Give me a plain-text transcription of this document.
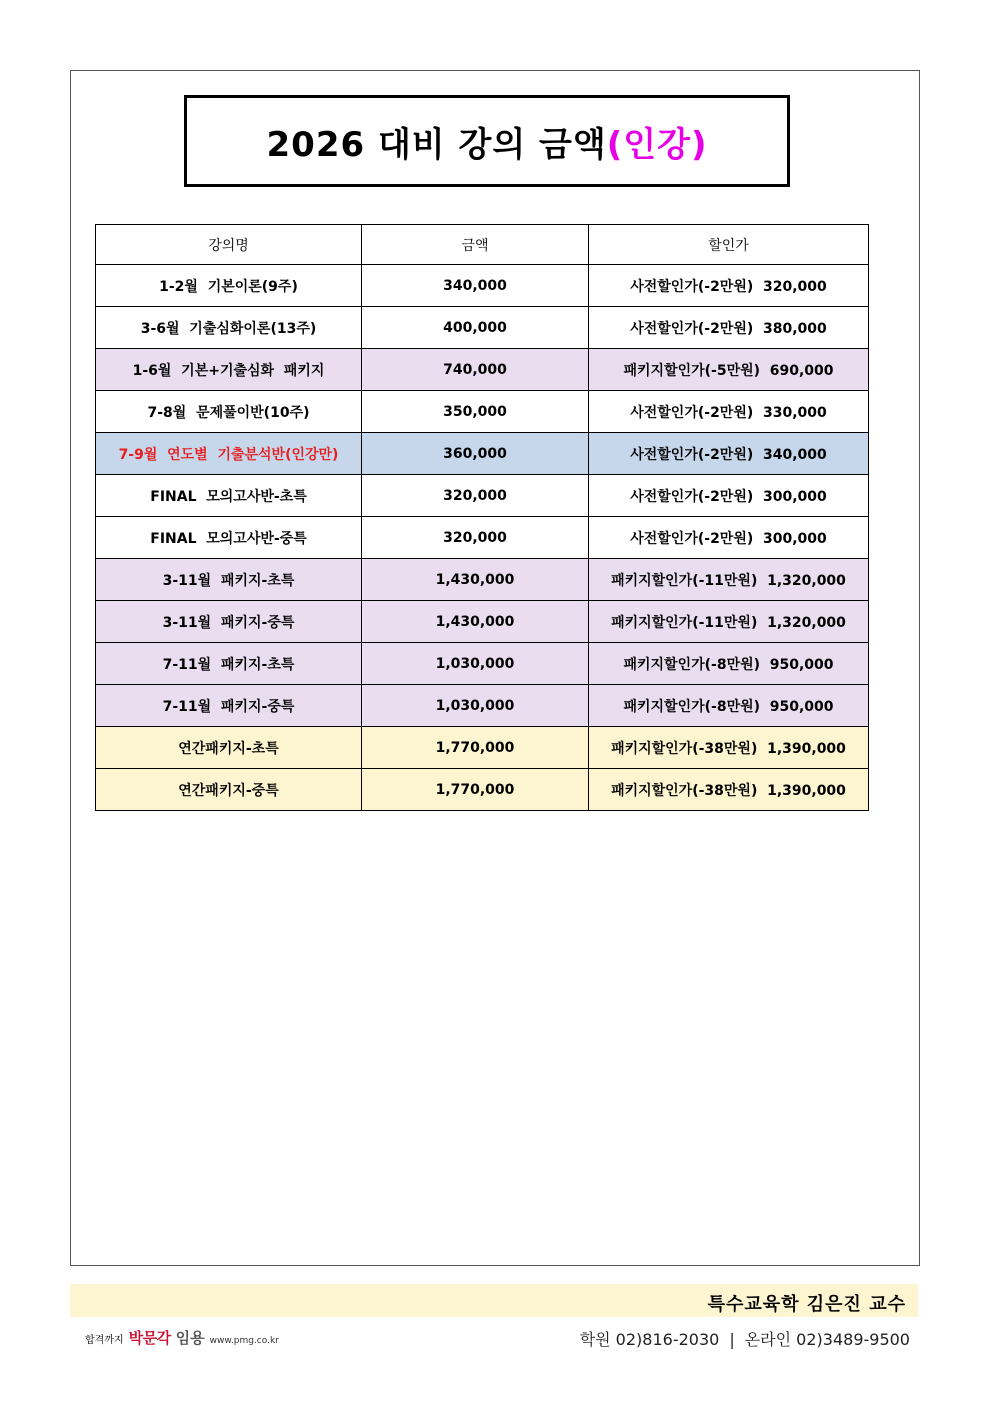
2026 대비 강의 금액 (인강)
강의명	금액	할인가
1-2월  기본이론(9주)	340,000	사전할인가(-2만원)  320,000
3-6월  기출심화이론(13주)	400,000	사전할인가(-2만원)  380,000
1-6월  기본+기출심화  패키지	740,000	패키지할인가(-5만원)  690,000
7-8월  문제풀이반(10주)	350,000	사전할인가(-2만원)  330,000
7-9월  연도별  기출분석반(인강만)	360,000	사전할인가(-2만원)  340,000
FINAL  모의고사반-초특	320,000	사전할인가(-2만원)  300,000
FINAL  모의고사반-중특	320,000	사전할인가(-2만원)  300,000
3-11월  패키지-초특	1,430,000	패키지할인가(-11만원)  1,320,000
3-11월  패키지-중특	1,430,000	패키지할인가(-11만원)  1,320,000
7-11월  패키지-초특	1,030,000	패키지할인가(-8만원)  950,000
7-11월  패키지-중특	1,030,000	패키지할인가(-8만원)  950,000
연간패키지-초특	1,770,000	패키지할인가(-38만원)  1,390,000
연간패키지-중특	1,770,000	패키지할인가(-38만원)  1,390,000
특수교육학 김은진 교수
합격까지 박문각 임용 www.pmg.co.kr	학원 02)816-2030 | 온라인 02)3489-9500
